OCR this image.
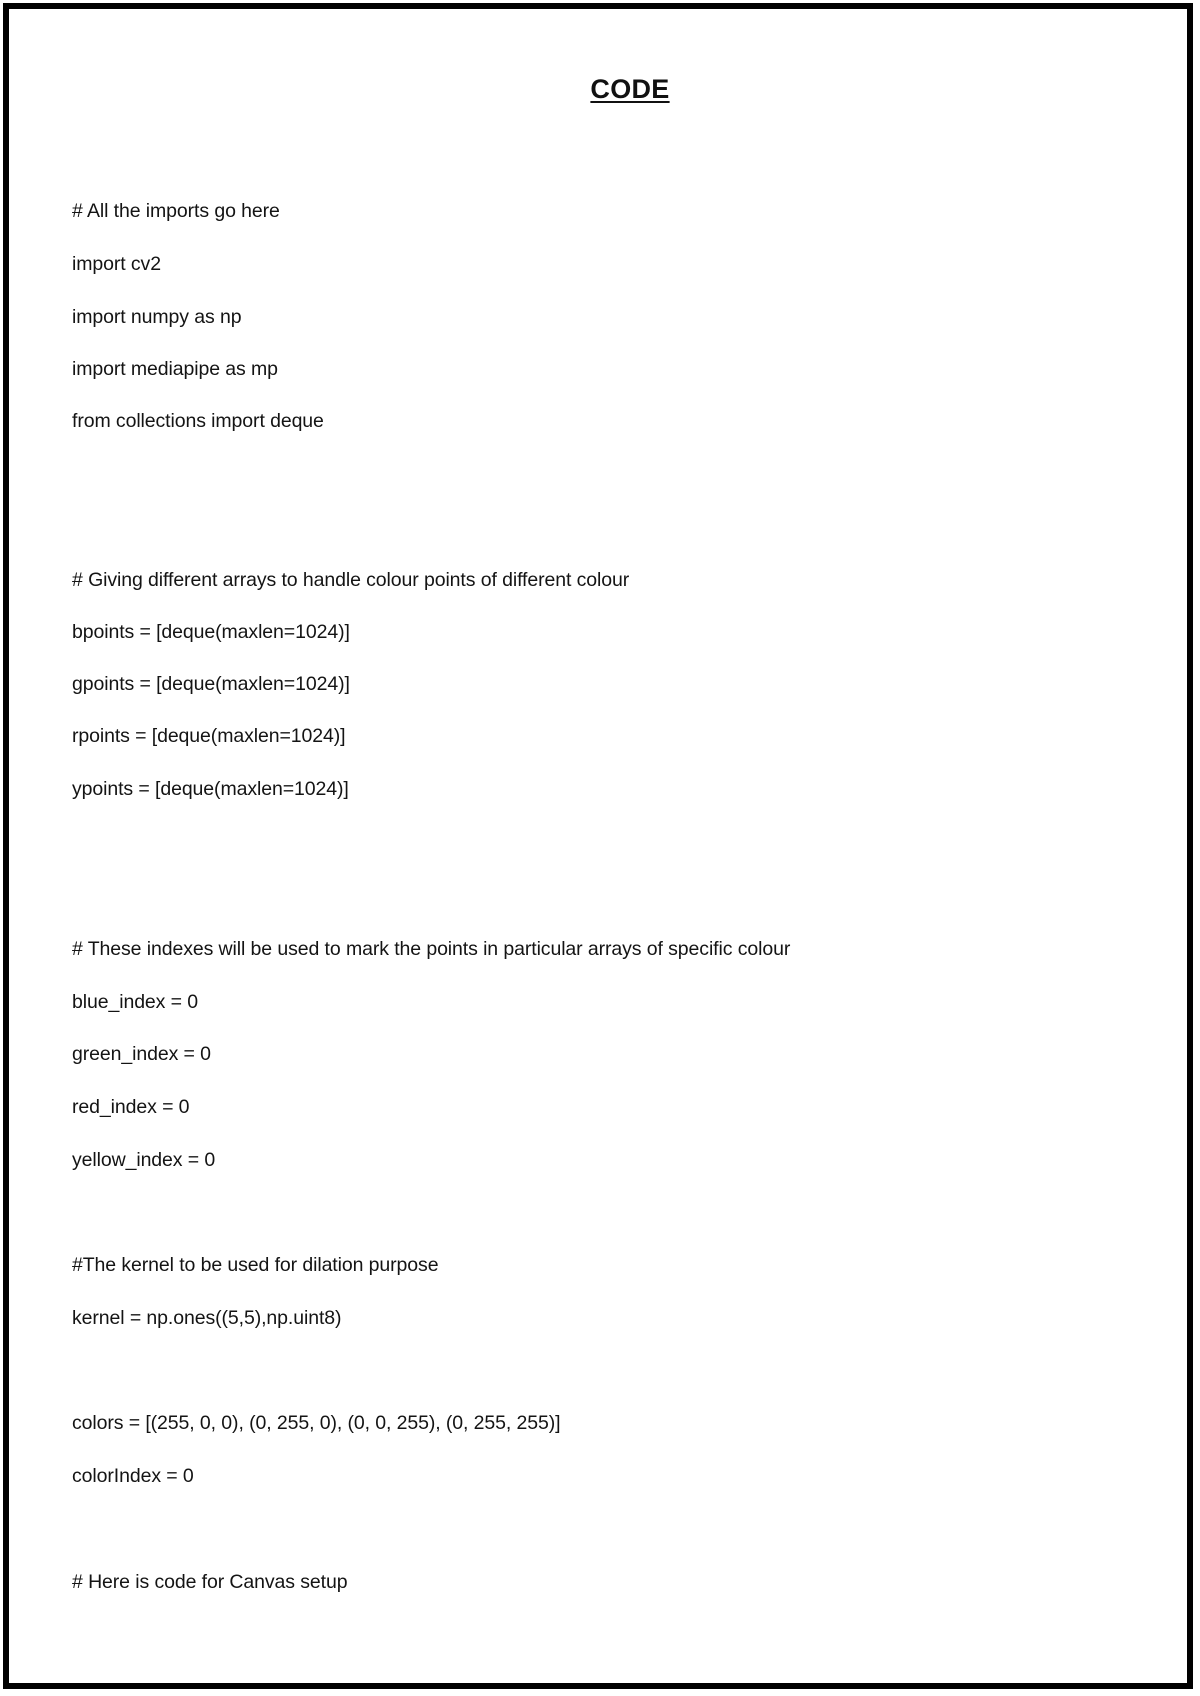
CODE
# All the imports go here
import cv2
import numpy as np
import mediapipe as mp
from collections import deque
# Giving different arrays to handle colour points of different colour
bpoints = [deque(maxlen=1024)]
gpoints = [deque(maxlen=1024)]
rpoints = [deque(maxlen=1024)]
ypoints = [deque(maxlen=1024)]
# These indexes will be used to mark the points in particular arrays of specific colour
blue_index = 0
green_index = 0
red_index = 0
yellow_index = 0
#The kernel to be used for dilation purpose
kernel = np.ones((5,5),np.uint8)
colors = [(255, 0, 0), (0, 255, 0), (0, 0, 255), (0, 255, 255)]
colorIndex = 0
# Here is code for Canvas setup
